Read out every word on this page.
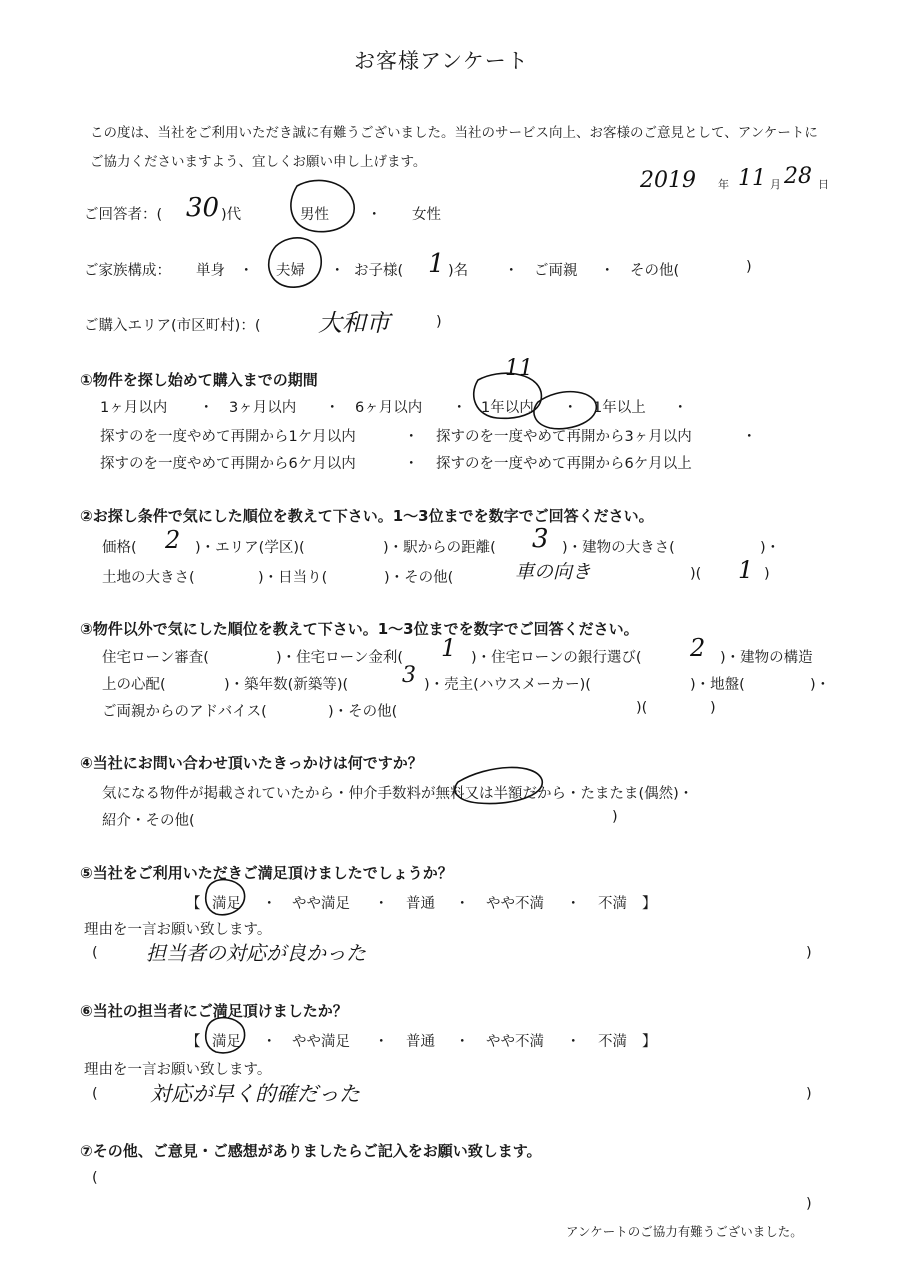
お客様アンケート
この度は、当社をご利用いただき誠に有難うございました。当社のサービス向上、お客様のご意見として、アンケートに
ご協力くださいますよう、宜しくお願い申し上げます。
2019 年 11 月 28 日
ご回答者：( 30 )代	男性	・ 女性
ご家族構成： 単身 ・ 夫婦 ・ お子様( 1 )名 ・ ご両親 ・ その他(	)
ご購入エリア(市区町村)：( 大和市	)
①物件を探し始めて購入までの期間
1ヶ月以内 ・ 3ヶ月以内 ・ 6ヶ月以内 ・ 1年以内 ・ 1年以上 ・
11
探すのを一度やめて再開から1ケ月以内	・ 探すのを一度やめて再開から3ヶ月以内	・
探すのを一度やめて再開から6ケ月以内	・ 探すのを一度やめて再開から6ケ月以上
②お探し条件で気にした順位を教えて下さい。1～3位までを数字でご回答ください。
価格( 2 )・エリア(学区)(	)・駅からの距離( 3 )・建物の大きさ(	)・
土地の大きさ(	)・日当り(	)・その他(	車の向き	)( 1 )
③物件以外で気にした順位を教えて下さい。1～3位までを数字でご回答ください。
住宅ローン審査(	)・住宅ローン金利( 1 )・住宅ローンの銀行選び( 2 )・建物の構造
上の心配(	)・築年数(新築等)( 3 )・売主(ハウスメーカー)(	)・地盤(	)・
ご両親からのアドバイス(	)・その他(	)(	)
④当社にお問い合わせ頂いたきっかけは何ですか？
気になる物件が掲載されていたから・仲介手数料が無料又は半額だから・たまたま(偶然)・
紹介・その他(	)
⑤当社をご利用いただきご満足頂けましたでしょうか？
【 満足 ・ やや満足 ・ 普通 ・ やや不満 ・ 不満 】
理由を一言お願い致します。
( 担当者の対応が良かった	)
⑥当社の担当者にご満足頂けましたか？
【 満足 ・ やや満足 ・ 普通 ・ やや不満 ・ 不満 】
理由を一言お願い致します。
( 対応が早く的確だった	)
⑦その他、ご意見・ご感想がありましたらご記入をお願い致します。
(
)
アンケートのご協力有難うございました。
